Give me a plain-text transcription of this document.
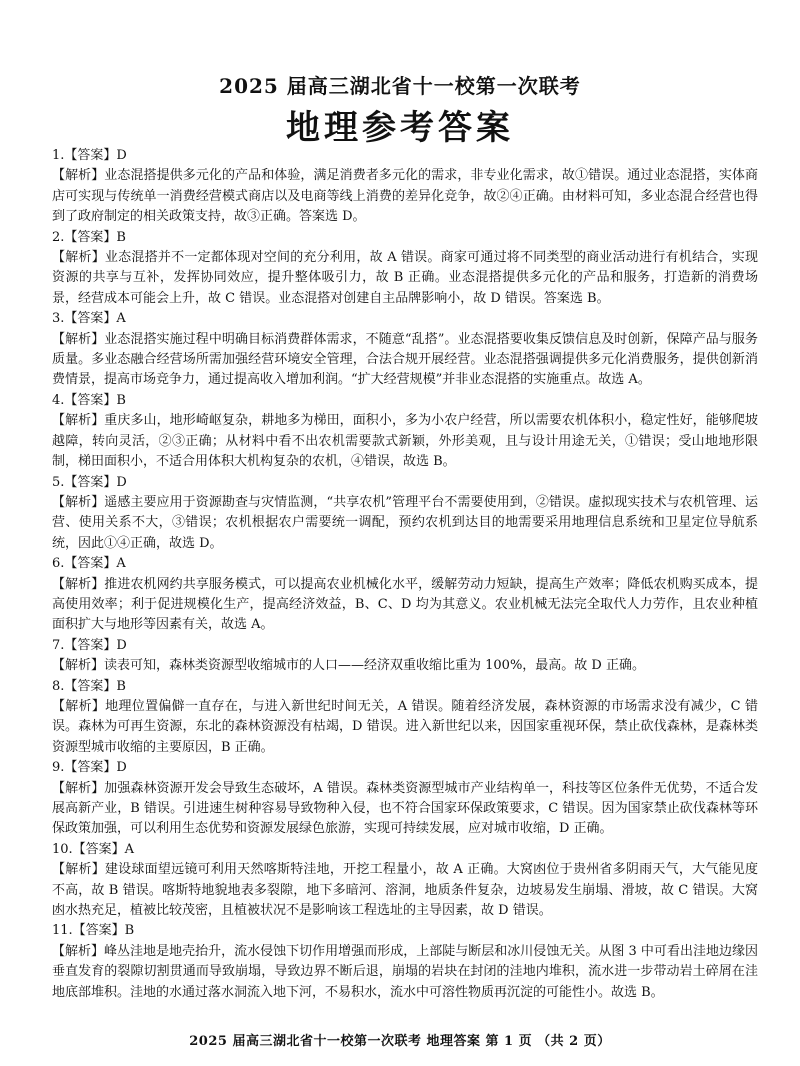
2025 届高三湖北省十一校第一次联考
地理参考答案
1.【答案】D
【解析】业态混搭提供多元化的产品和体验，满足消费者多元化的需求，非专业化需求，故①错误。通过业态混搭，实体商店可实现与传统单一消费经营模式商店以及电商等线上消费的差异化竞争，故②④正确。由材料可知，多业态混合经营也得到了政府制定的相关政策支持，故③正确。答案选 D。
2.【答案】B
【解析】业态混搭并不一定都体现对空间的充分利用，故 A 错误。商家可通过将不同类型的商业活动进行有机结合，实现资源的共享与互补，发挥协同效应，提升整体吸引力，故 B 正确。业态混搭提供多元化的产品和服务，打造新的消费场景，经营成本可能会上升，故 C 错误。业态混搭对创建自主品牌影响小，故 D 错误。答案选 B。
3.【答案】A
【解析】业态混搭实施过程中明确目标消费群体需求，不随意“乱搭”。业态混搭要收集反馈信息及时创新，保障产品与服务质量。多业态融合经营场所需加强经营环境安全管理，合法合规开展经营。业态混搭强调提供多元化消费服务，提供创新消费情景，提高市场竞争力，通过提高收入增加利润。“扩大经营规模”并非业态混搭的实施重点。故选 A。
4.【答案】B
【解析】重庆多山，地形崎岖复杂，耕地多为梯田，面积小，多为小农户经营，所以需要农机体积小，稳定性好，能够爬坡越障，转向灵活，②③正确；从材料中看不出农机需要款式新颖，外形美观，且与设计用途无关，①错误；受山地地形限制，梯田面积小，不适合用体积大机构复杂的农机，④错误，故选 B。
5.【答案】D
【解析】遥感主要应用于资源勘查与灾情监测，“共享农机”管理平台不需要使用到，②错误。虚拟现实技术与农机管理、运营、使用关系不大，③错误；农机根据农户需要统一调配，预约农机到达目的地需要采用地理信息系统和卫星定位导航系统，因此①④正确，故选 D。
6.【答案】A
【解析】推进农机网约共享服务模式，可以提高农业机械化水平，缓解劳动力短缺，提高生产效率；降低农机购买成本，提高使用效率；利于促进规模化生产，提高经济效益，B、C、D 均为其意义。农业机械无法完全取代人力劳作，且农业种植面积扩大与地形等因素有关，故选 A。
7.【答案】D
【解析】读表可知，森林类资源型收缩城市的人口——经济双重收缩比重为 100%，最高。故 D 正确。
8.【答案】B
【解析】地理位置偏僻一直存在，与进入新世纪时间无关，A 错误。随着经济发展，森林资源的市场需求没有减少，C 错误。森林为可再生资源，东北的森林资源没有枯竭，D 错误。进入新世纪以来，因国家重视环保，禁止砍伐森林，是森林类资源型城市收缩的主要原因，B 正确。
9.【答案】D
【解析】加强森林资源开发会导致生态破坏，A 错误。森林类资源型城市产业结构单一，科技等区位条件无优势，不适合发展高新产业，B 错误。引进速生树种容易导致物种入侵，也不符合国家环保政策要求，C 错误。因为国家禁止砍伐森林等环保政策加强，可以利用生态优势和资源发展绿色旅游，实现可持续发展，应对城市收缩，D 正确。
10.【答案】A
【解析】建设球面望远镜可利用天然喀斯特洼地，开挖工程量小，故 A 正确。大窝凼位于贵州省多阴雨天气，大气能见度不高，故 B 错误。喀斯特地貌地表多裂隙，地下多暗河、溶洞，地质条件复杂，边坡易发生崩塌、滑坡，故 C 错误。大窝凼水热充足，植被比较茂密，且植被状况不是影响该工程选址的主导因素，故 D 错误。
11.【答案】B
【解析】峰丛洼地是地壳抬升，流水侵蚀下切作用增强而形成，上部陡与断层和冰川侵蚀无关。从图 3 中可看出洼地边缘因垂直发育的裂隙切割贯通而导致崩塌，导致边界不断后退，崩塌的岩块在封闭的洼地内堆积，流水进一步带动岩土碎屑在洼地底部堆积。洼地的水通过落水洞流入地下河，不易积水，流水中可溶性物质再沉淀的可能性小。故选 B。
2025 届高三湖北省十一校第一次联考 地理答案 第 1 页 （共 2 页）
